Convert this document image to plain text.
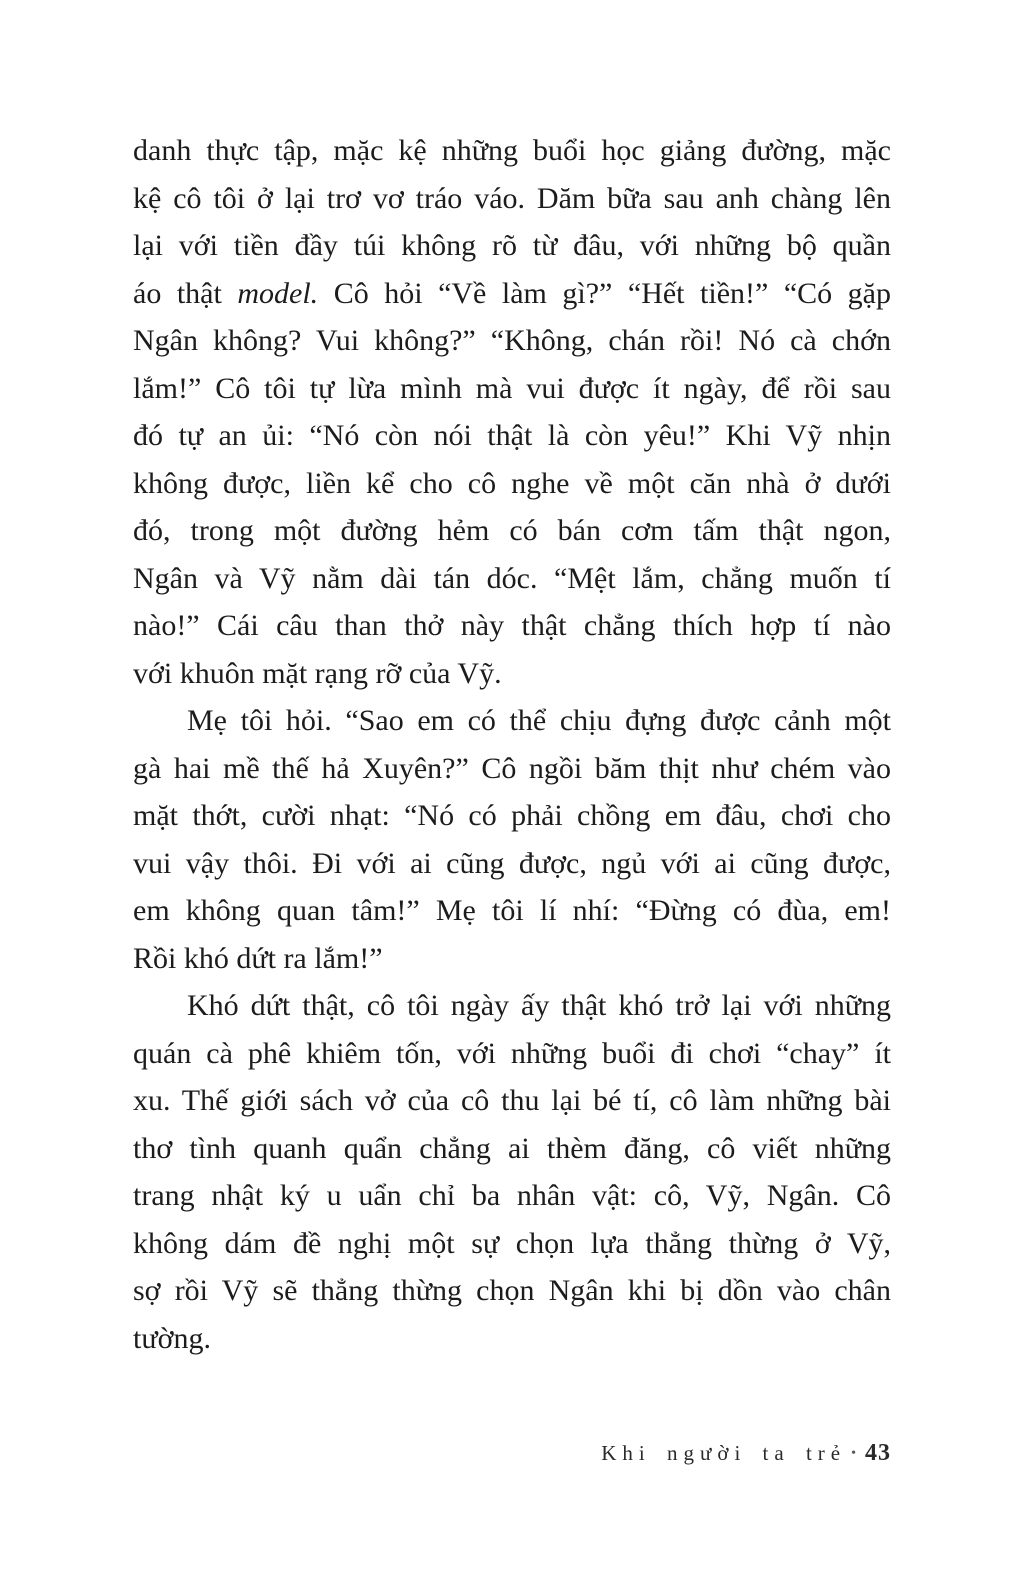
danh thực tập, mặc kệ những buổi học giảng đường, mặc
kệ cô tôi ở lại trơ vơ tráo váo. Dăm bữa sau anh chàng lên
lại với tiền đầy túi không rõ từ đâu, với những bộ quần
áo thật model. Cô hỏi “Về làm gì?” “Hết tiền!” “Có gặp
Ngân không? Vui không?” “Không, chán rồi! Nó cà chớn
lắm!” Cô tôi tự lừa mình mà vui được ít ngày, để rồi sau
đó tự an ủi: “Nó còn nói thật là còn yêu!” Khi Vỹ nhịn
không được, liền kể cho cô nghe về một căn nhà ở dưới
đó, trong một đường hẻm có bán cơm tấm thật ngon,
Ngân và Vỹ nằm dài tán dóc. “Mệt lắm, chẳng muốn tí
nào!” Cái câu than thở này thật chẳng thích hợp tí nào
với khuôn mặt rạng rỡ của Vỹ.
Mẹ tôi hỏi. “Sao em có thể chịu đựng được cảnh một
gà hai mề thế hả Xuyên?” Cô ngồi băm thịt như chém vào
mặt thớt, cười nhạt: “Nó có phải chồng em đâu, chơi cho
vui vậy thôi. Đi với ai cũng được, ngủ với ai cũng được,
em không quan tâm!” Mẹ tôi lí nhí: “Đừng có đùa, em!
Rồi khó dứt ra lắm!”
Khó dứt thật, cô tôi ngày ấy thật khó trở lại với những
quán cà phê khiêm tốn, với những buổi đi chơi “chay” ít
xu. Thế giới sách vở của cô thu lại bé tí, cô làm những bài
thơ tình quanh quẩn chẳng ai thèm đăng, cô viết những
trang nhật ký u uẩn chỉ ba nhân vật: cô, Vỹ, Ngân. Cô
không dám đề nghị một sự chọn lựa thẳng thừng ở Vỹ,
sợ rồi Vỹ sẽ thẳng thừng chọn Ngân khi bị dồn vào chân
tường.
Khi người ta trẻ • 43
